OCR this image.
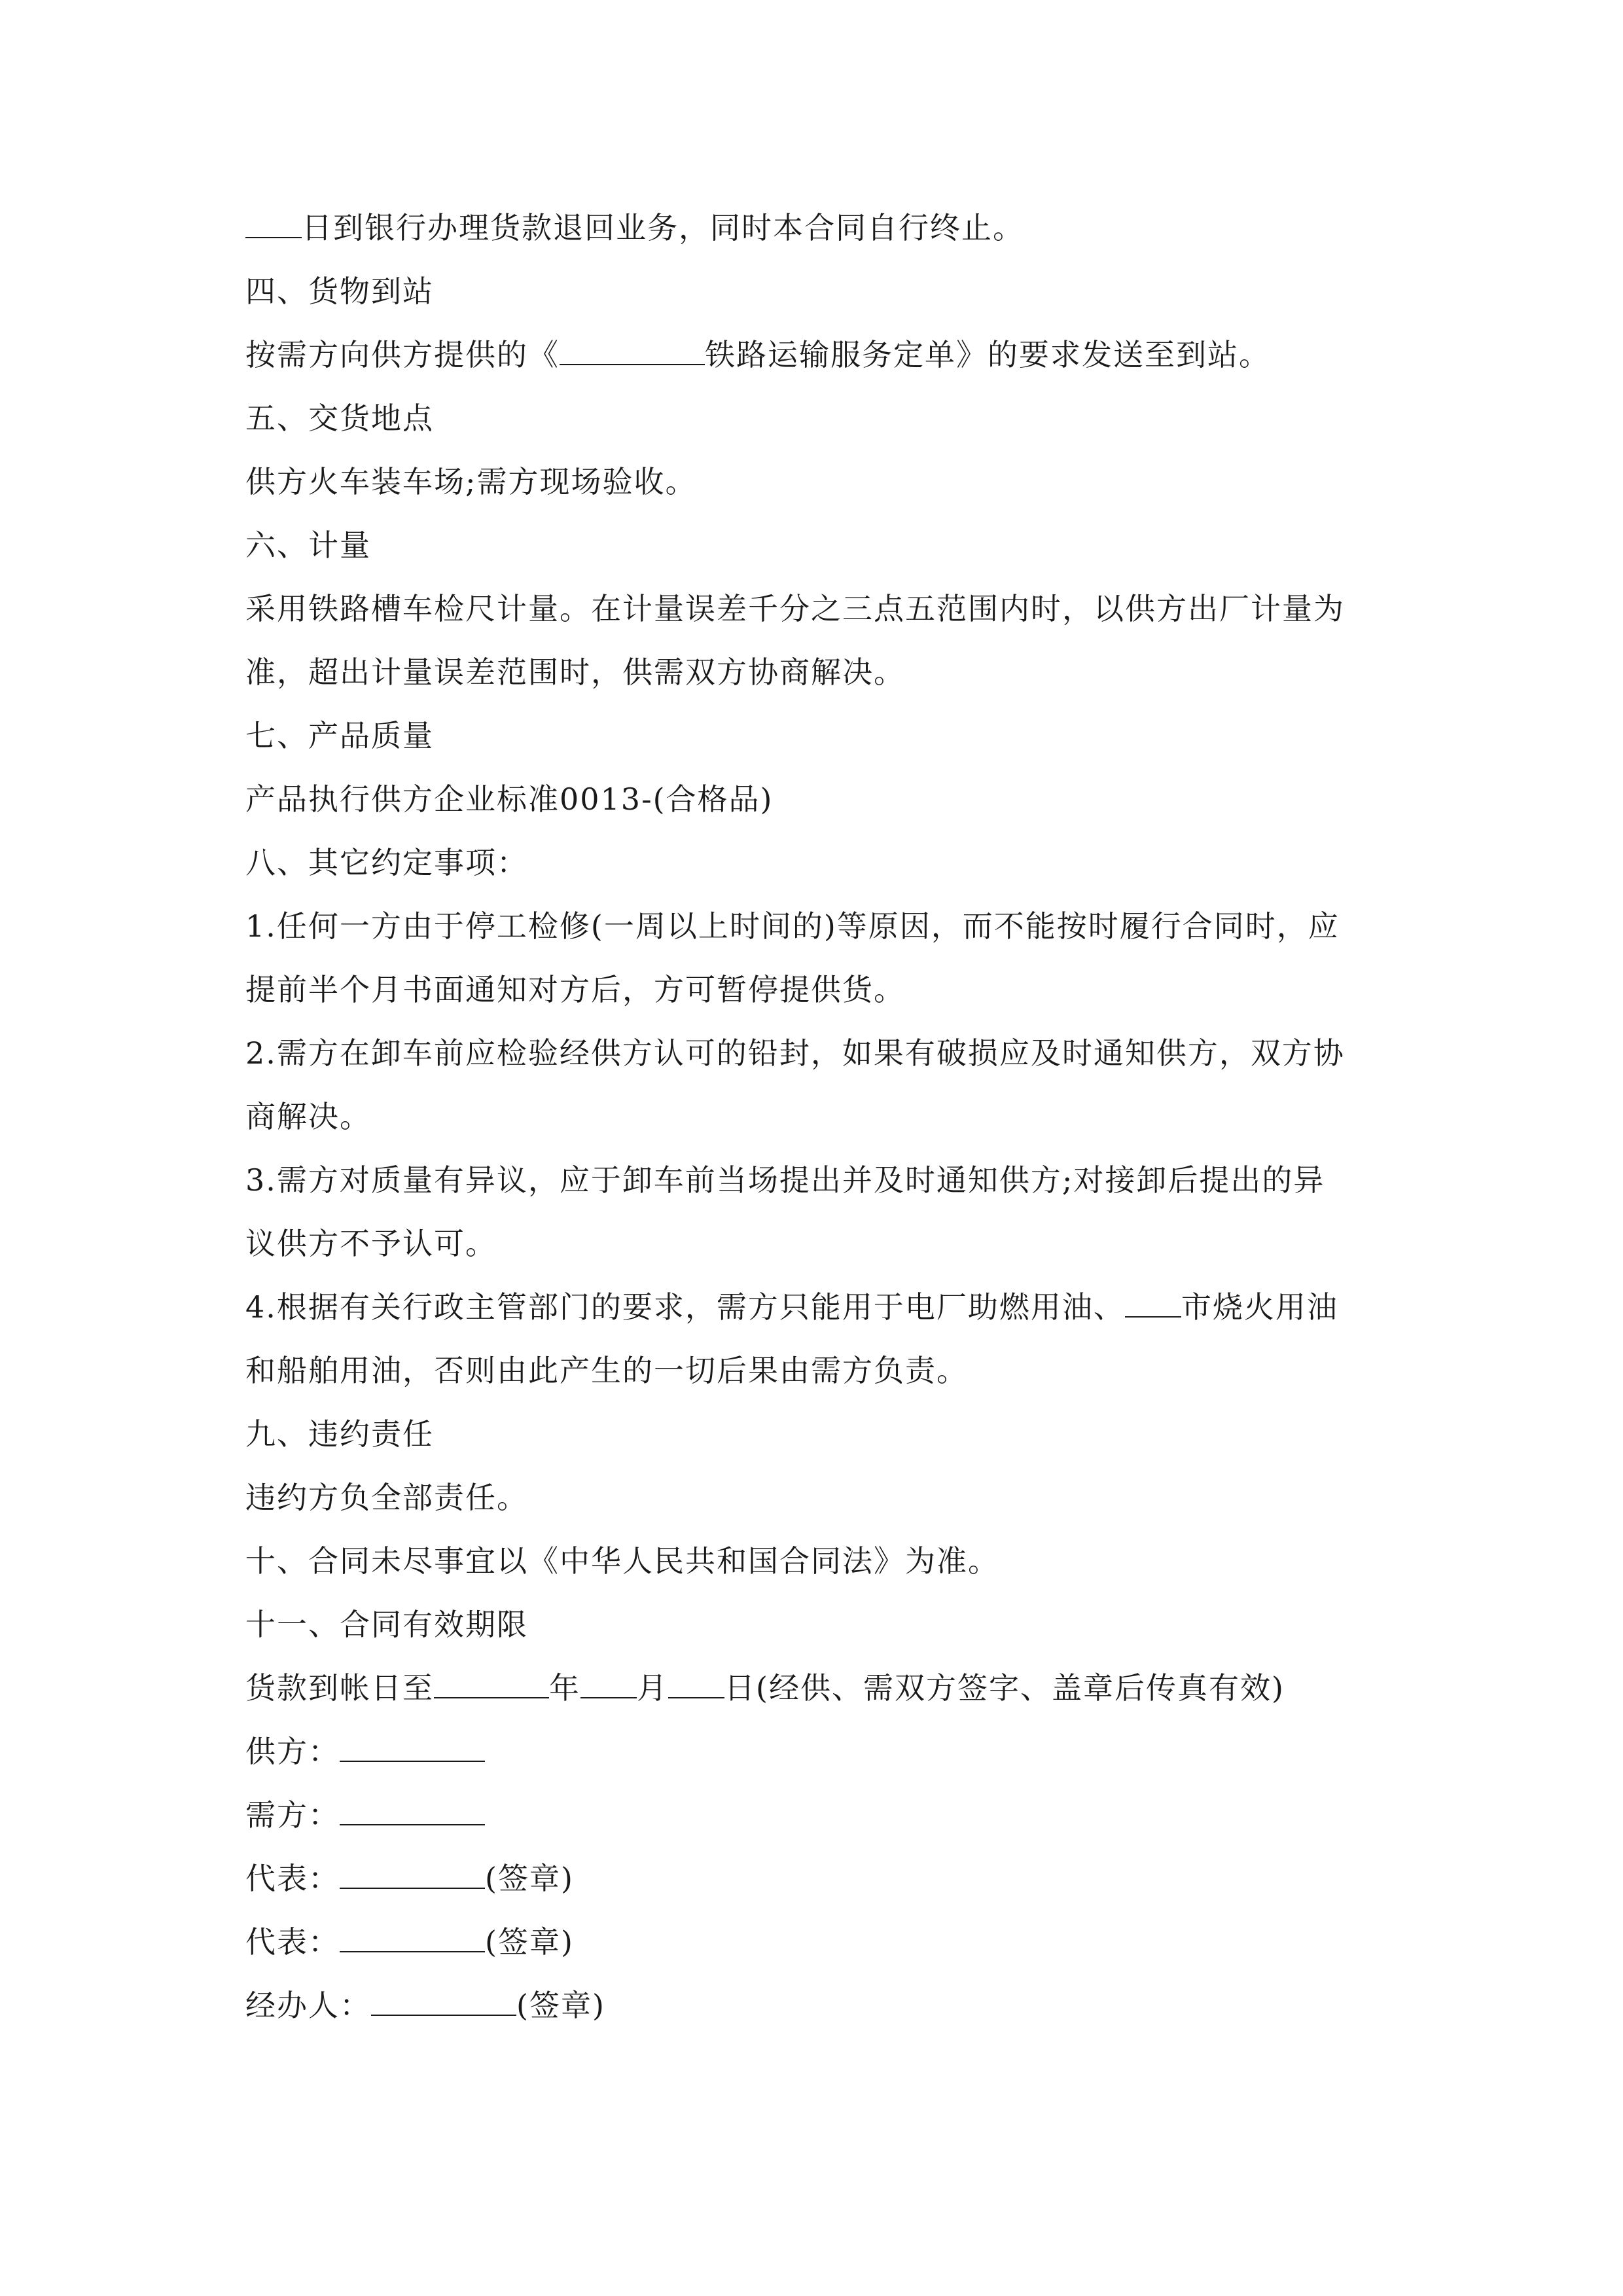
日到银行办理货款退回业务，同时本合同自行终止。
四、货物到站
按需方向供方提供的《	铁路运输服务定单》的要求发送至到站。
五、交货地点
供方火车装车场;需方现场验收。
六、计量
采用铁路槽车检尺计量。在计量误差千分之三点五范围内时，以供方出厂计量为
准，超出计量误差范围时，供需双方协商解决。
七、产品质量
产品执行供方企业标准0013-(合格品)
八、其它约定事项：
1.任何一方由于停工检修(一周以上时间的)等原因，而不能按时履行合同时，应
提前半个月书面通知对方后，方可暂停提供货。
2.需方在卸车前应检验经供方认可的铅封，如果有破损应及时通知供方，双方协
商解决。
3.需方对质量有异议，应于卸车前当场提出并及时通知供方;对接卸后提出的异
议供方不予认可。
4.根据有关行政主管部门的要求，需方只能用于电厂助燃用油、 市烧火用油
和船舶用油，否则由此产生的一切后果由需方负责。
九、违约责任
违约方负全部责任。
十、合同未尽事宜以《中华人民共和国合同法》为准。
十一、合同有效期限
货款到帐日至	年 月 日(经供、需双方签字、盖章后传真有效)
供方：
需方：
代表：	(签章)
代表：	(签章)
经办人：	(签章)
